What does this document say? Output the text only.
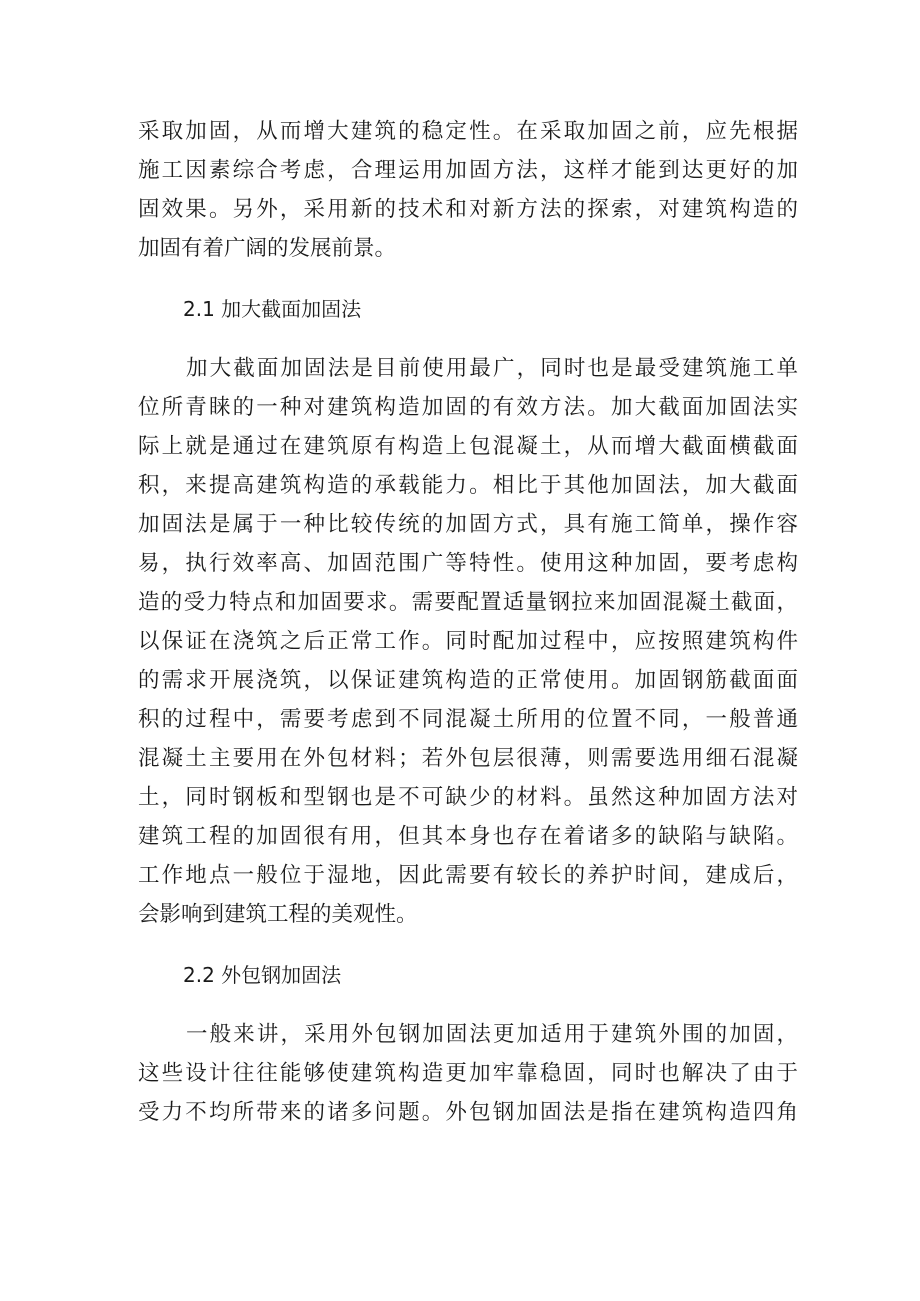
采取加固，从而增大建筑的稳定性。在采取加固之前，应先根据
施工因素综合考虑，合理运用加固方法，这样才能到达更好的加
固效果。另外，采用新的技术和对新方法的探索，对建筑构造的
加固有着广阔的发展前景。
2.1 加大截面加固法
加大截面加固法是目前使用最广，同时也是最受建筑施工单
位所青睐的一种对建筑构造加固的有效方法。加大截面加固法实
际上就是通过在建筑原有构造上包混凝土，从而增大截面横截面
积，来提高建筑构造的承载能力。相比于其他加固法，加大截面
加固法是属于一种比较传统的加固方式，具有施工简单，操作容
易，执行效率高、加固范围广等特性。使用这种加固，要考虑构
造的受力特点和加固要求。需要配置适量钢拉来加固混凝土截面，
以保证在浇筑之后正常工作。同时配加过程中，应按照建筑构件
的需求开展浇筑，以保证建筑构造的正常使用。加固钢筋截面面
积的过程中，需要考虑到不同混凝土所用的位置不同，一般普通
混凝土主要用在外包材料；若外包层很薄，则需要选用细石混凝
土，同时钢板和型钢也是不可缺少的材料。虽然这种加固方法对
建筑工程的加固很有用，但其本身也存在着诸多的缺陷与缺陷。
工作地点一般位于湿地，因此需要有较长的养护时间，建成后，
会影响到建筑工程的美观性。
2.2 外包钢加固法
一般来讲，采用外包钢加固法更加适用于建筑外围的加固，
这些设计往往能够使建筑构造更加牢靠稳固，同时也解决了由于
受力不均所带来的诸多问题。外包钢加固法是指在建筑构造四角
